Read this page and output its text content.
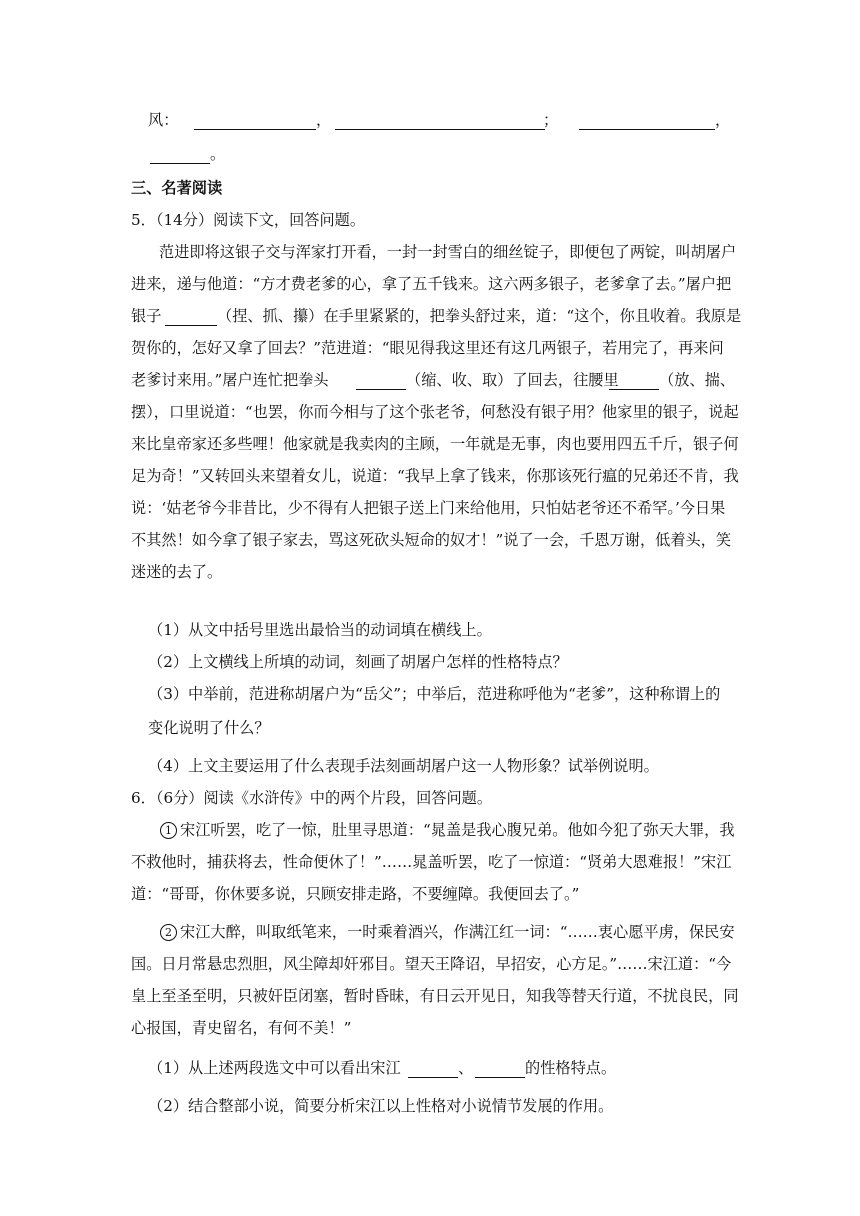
风：	，	；	，
。
三、名著阅读
5．（14分）阅读下文，回答问题。
范进即将这银子交与浑家打开看，一封一封雪白的细丝锭子，即便包了两锭，叫胡屠户
进来，递与他道：“方才费老爹的心，拿了五千钱来。这六两多银子，老爹拿了去。”屠户把
银子	（捏、抓、攥）在手里紧紧的，把拳头舒过来，道：“这个，你且收着。我原是
贺你的，怎好又拿了回去？”范进道：“眼见得我这里还有这几两银子，若用完了，再来问
老爹讨来用。”屠户连忙把拳头	（缩、收、取）了回去，往腰里	（放、揣、
摆），口里说道：“也罢，你而今相与了这个张老爷，何愁没有银子用？他家里的银子，说起
来比皇帝家还多些哩！他家就是我卖肉的主顾，一年就是无事，肉也要用四五千斤，银子何
足为奇！”又转回头来望着女儿，说道：“我早上拿了钱来，你那该死行瘟的兄弟还不肯，我
说：‘姑老爷今非昔比，少不得有人把银子送上门来给他用，只怕姑老爷还不希罕。’今日果
不其然！如今拿了银子家去，骂这死砍头短命的奴才！”说了一会，千恩万谢，低着头，笑
迷迷的去了。
（1）从文中括号里选出最恰当的动词填在横线上。
（2）上文横线上所填的动词，刻画了胡屠户怎样的性格特点？
（3）中举前，范进称胡屠户为“岳父”；中举后，范进称呼他为“老爹”，这种称谓上的
变化说明了什么？
（4）上文主要运用了什么表现手法刻画胡屠户这一人物形象？试举例说明。
6．（6分）阅读《水浒传》中的两个片段，回答问题。
1 宋江听罢，吃了一惊，肚里寻思道：“晁盖是我心腹兄弟。他如今犯了弥天大罪，我
不救他时，捕获将去，性命便休了！”……晁盖听罢，吃了一惊道：“贤弟大恩难报！”宋江
道：“哥哥，你休要多说，只顾安排走路，不要缠障。我便回去了。”
2 宋江大醉，叫取纸笔来，一时乘着酒兴，作满江红一词：“……衷心愿平虏，保民安
国。日月常悬忠烈胆，风尘障却奸邪目。望天王降诏，早招安，心方足。”……宋江道：“今
皇上至圣至明，只被奸臣闭塞，暂时昏昧，有日云开见日，知我等替天行道，不扰良民，同
心报国，青史留名，有何不美！”
（1）从上述两段选文中可以看出宋江	、	的性格特点。
（2）结合整部小说，简要分析宋江以上性格对小说情节发展的作用。
